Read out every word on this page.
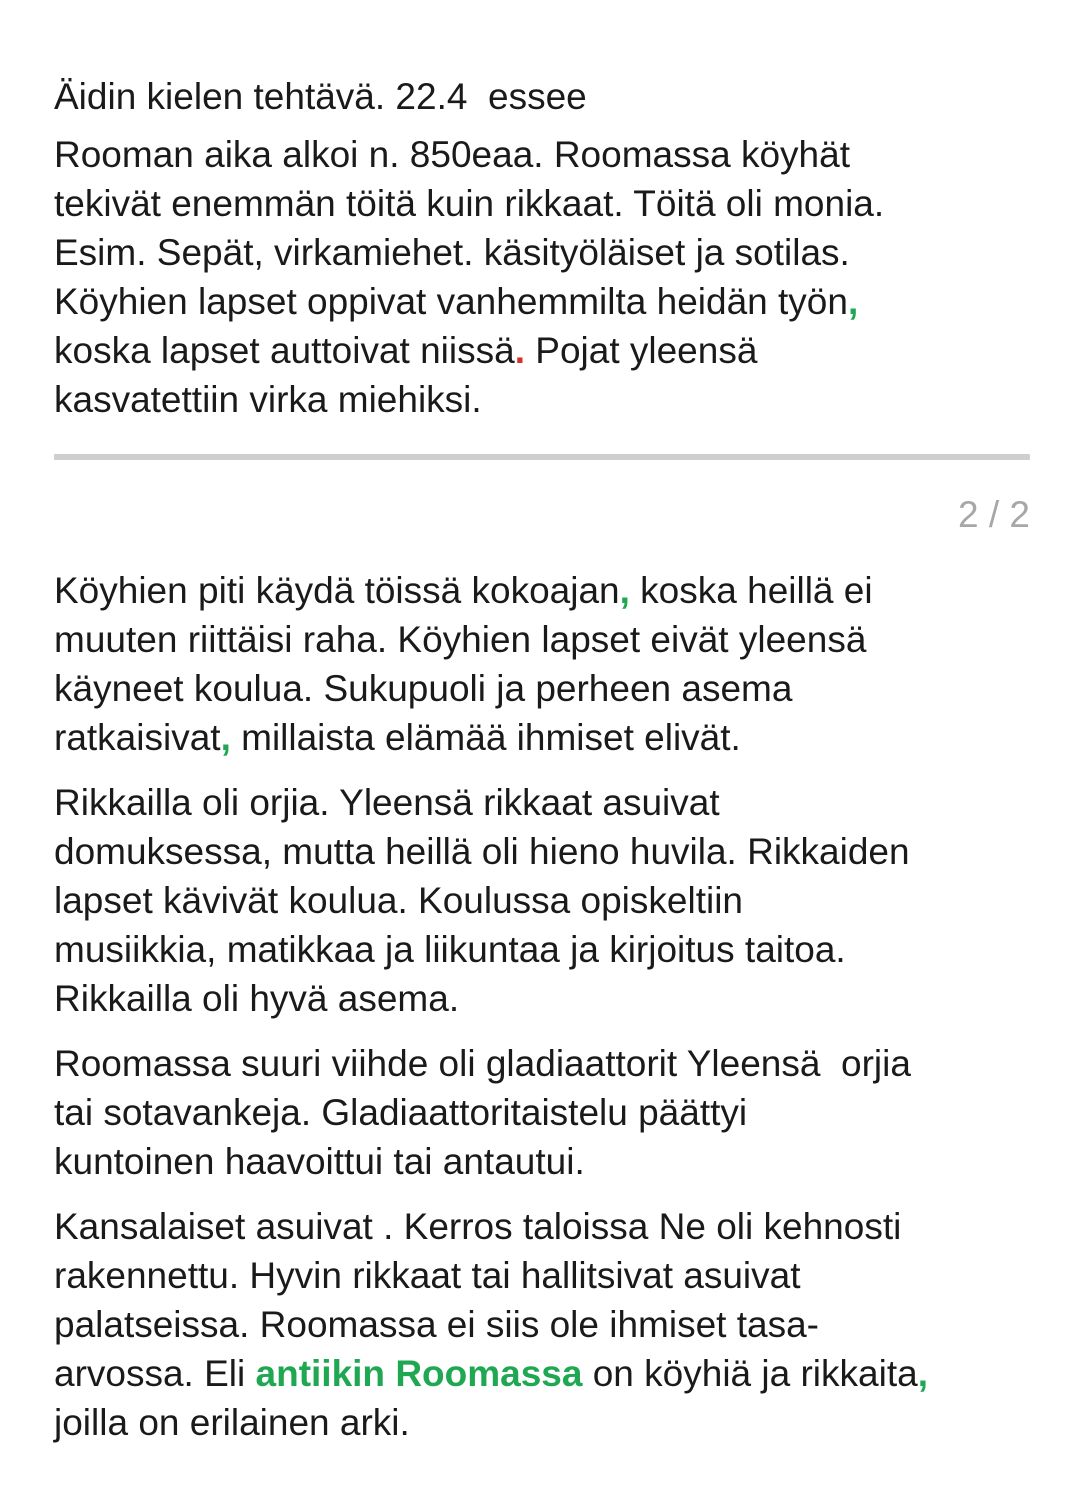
Äidin kielen tehtävä. 22.4  essee
Rooman aika alkoi n. 850eaa. Roomassa köyhät
tekivät enemmän töitä kuin rikkaat. Töitä oli monia.
Esim. Sepät, virkamiehet. käsityöläiset ja sotilas.
Köyhien lapset oppivat vanhemmilta heidän työn,
koska lapset auttoivat niissä. Pojat yleensä
kasvatettiin virka miehiksi.
2 / 2
Köyhien piti käydä töissä kokoajan, koska heillä ei
muuten riittäisi raha. Köyhien lapset eivät yleensä
käyneet koulua. Sukupuoli ja perheen asema
ratkaisivat, millaista elämää ihmiset elivät.
Rikkailla oli orjia. Yleensä rikkaat asuivat
domuksessa, mutta heillä oli hieno huvila. Rikkaiden
lapset kävivät koulua. Koulussa opiskeltiin
musiikkia, matikkaa ja liikuntaa ja kirjoitus taitoa.
Rikkailla oli hyvä asema.
Roomassa suuri viihde oli gladiaattorit Yleensä  orjia
tai sotavankeja. Gladiaattoritaistelu päättyi
kuntoinen haavoittui tai antautui.
Kansalaiset asuivat . Kerros taloissa Ne oli kehnosti
rakennettu. Hyvin rikkaat tai hallitsivat asuivat
palatseissa. Roomassa ei siis ole ihmiset tasa-
arvossa. Eli antiikin Roomassa on köyhiä ja rikkaita,
joilla on erilainen arki.
